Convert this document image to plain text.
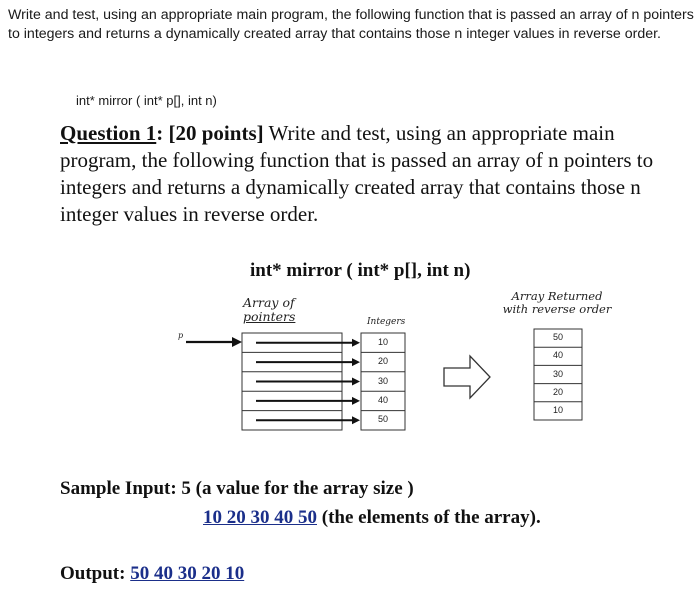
Write and test, using an appropriate main program, the following function that is passed an array of n pointers to integers and returns a dynamically created array that contains those n integer values in reverse order.
int* mirror ( int* p[], int n)
Question 1: [20 points] Write and test, using an appropriate main program, the following function that is passed an array of n pointers to integers and returns a dynamically created array that contains those n integer values in reverse order.
int* mirror ( int* p[], int n)
p
Array of
pointers	Integers
Array Returned
with reverse order
10
20
30
40
50
50
40
30
20
10
Sample Input: 5 (a value for the array size )
10 20 30 40 50 (the elements of the array).
Output: 50 40 30 20 10
